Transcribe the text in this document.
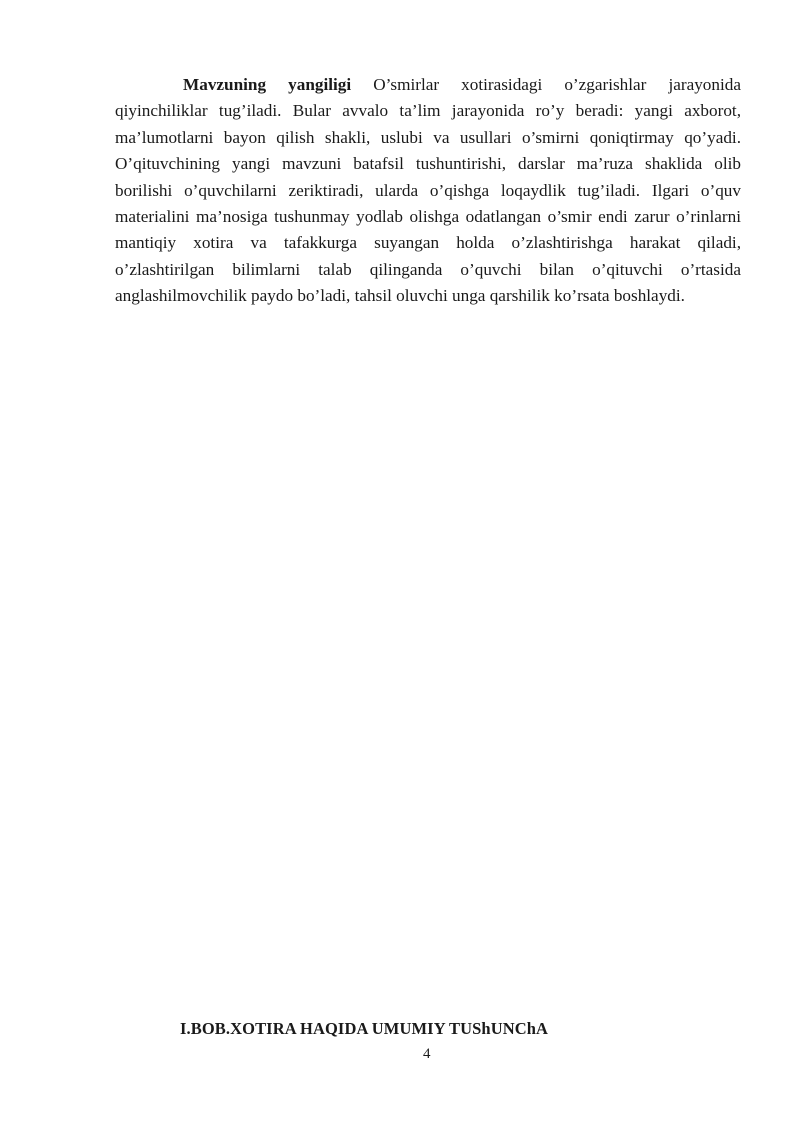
Mavzuning yangiligi O’smirlar xotirasidagi o’zgarishlar jarayonida qiyinchiliklar tug’iladi. Bular avvalo ta’lim jarayonida ro’y beradi: yangi axborot, ma’lumotlarni bayon qilish shakli, uslubi va usullari o’smirni qoniqtirmay qo’yadi. O’qituvchining yangi mavzuni batafsil tushuntirishi, darslar ma’ruza shaklida olib borilishi o’quvchilarni zeriktiradi, ularda o’qishga loqaydlik tug’iladi. Ilgari o’quv materialini ma’nosiga tushunmay yodlab olishga odatlangan o’smir endi zarur o’rinlarni mantiqiy xotira va tafakkurga suyangan holda o’zlashtirishga harakat qiladi, o’zlashtirilgan bilimlarni talab qilinganda o’quvchi bilan o’qituvchi o’rtasida anglashilmovchilik paydo bo’ladi, tahsil oluvchi unga qarshilik ko’rsata boshlaydi.

I.BOB.XOTIRA HAQIDA UMUMIY TUShUNChA
4
